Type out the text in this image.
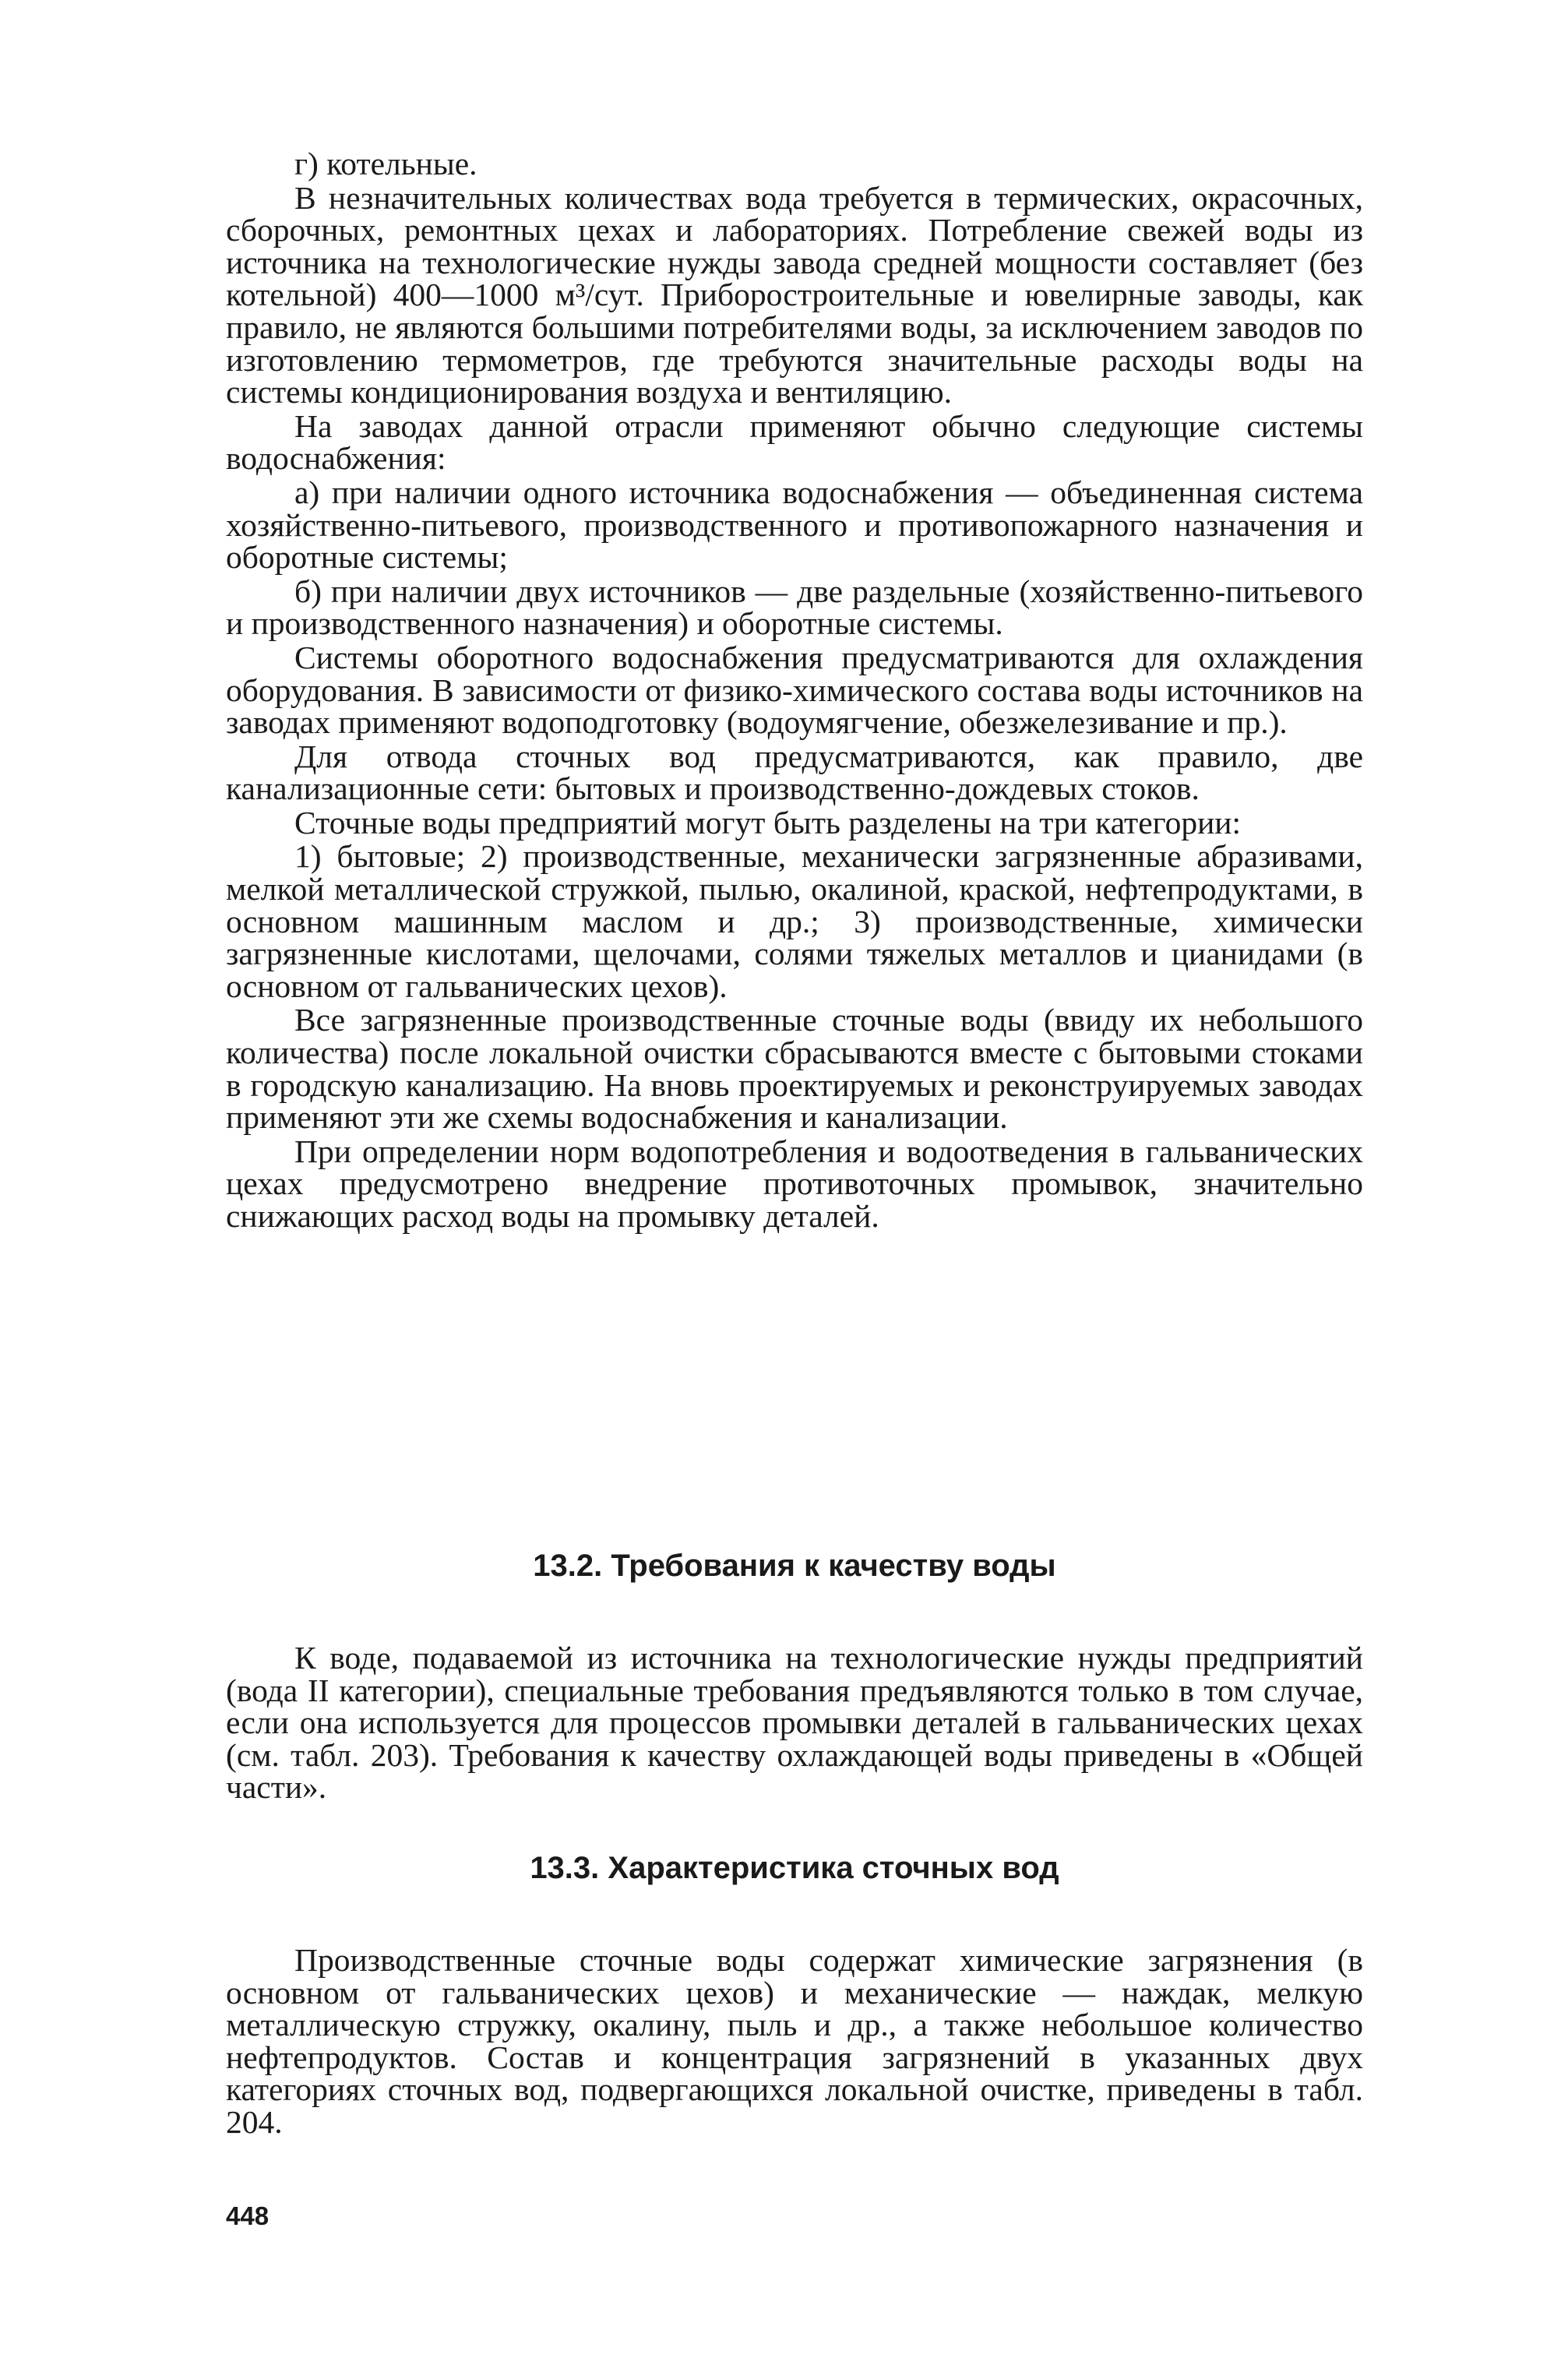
г) котельные.

В незначительных количествах вода требуется в термических, окрасочных, сборочных, ремонтных цехах и лабораториях. Потребление свежей воды из источника на технологические нужды завода средней мощности составляет (без котельной) 400—1000 м³/сут. Приборостроительные и ювелирные заводы, как правило, не являются большими потребителями воды, за исключением заводов по изготовлению термометров, где требуются значительные расходы воды на системы кондиционирования воздуха и вентиляцию.

На заводах данной отрасли применяют обычно следующие системы водоснабжения:

а) при наличии одного источника водоснабжения — объединенная система хозяйственно-питьевого, производственного и противопожарного назначения и оборотные системы;

б) при наличии двух источников — две раздельные (хозяйственно-питьевого и производственного назначения) и оборотные системы.

Системы оборотного водоснабжения предусматриваются для охлаждения оборудования. В зависимости от физико-химического состава воды источников на заводах применяют водоподготовку (водоумягчение, обезжелезивание и пр.).

Для отвода сточных вод предусматриваются, как правило, две канализационные сети: бытовых и производственно-дождевых стоков.

Сточные воды предприятий могут быть разделены на три категории:

1) бытовые; 2) производственные, механически загрязненные абразивами, мелкой металлической стружкой, пылью, окалиной, краской, нефтепродуктами, в основном машинным маслом и др.; 3) производственные, химически загрязненные кислотами, щелочами, солями тяжелых металлов и цианидами (в основном от гальванических цехов).

Все загрязненные производственные сточные воды (ввиду их небольшого количества) после локальной очистки сбрасываются вместе с бытовыми стоками в городскую канализацию. На вновь проектируемых и реконструируемых заводах применяют эти же схемы водоснабжения и канализации.

При определении норм водопотребления и водоотведения в гальванических цехах предусмотрено внедрение противоточных промывок, значительно снижающих расход воды на промывку деталей.

13.2. Требования к качеству воды

К воде, подаваемой из источника на технологические нужды предприятий (вода II категории), специальные требования предъявляются только в том случае, если она используется для процессов промывки деталей в гальванических цехах (см. табл. 203). Требования к качеству охлаждающей воды приведены в «Общей части».

13.3. Характеристика сточных вод

Производственные сточные воды содержат химические загрязнения (в основном от гальванических цехов) и механические — наждак, мелкую металлическую стружку, окалину, пыль и др., а также небольшое количество нефтепродуктов. Состав и концентрация загрязнений в указанных двух категориях сточных вод, подвергающихся локальной очистке, приведены в табл. 204.

448
